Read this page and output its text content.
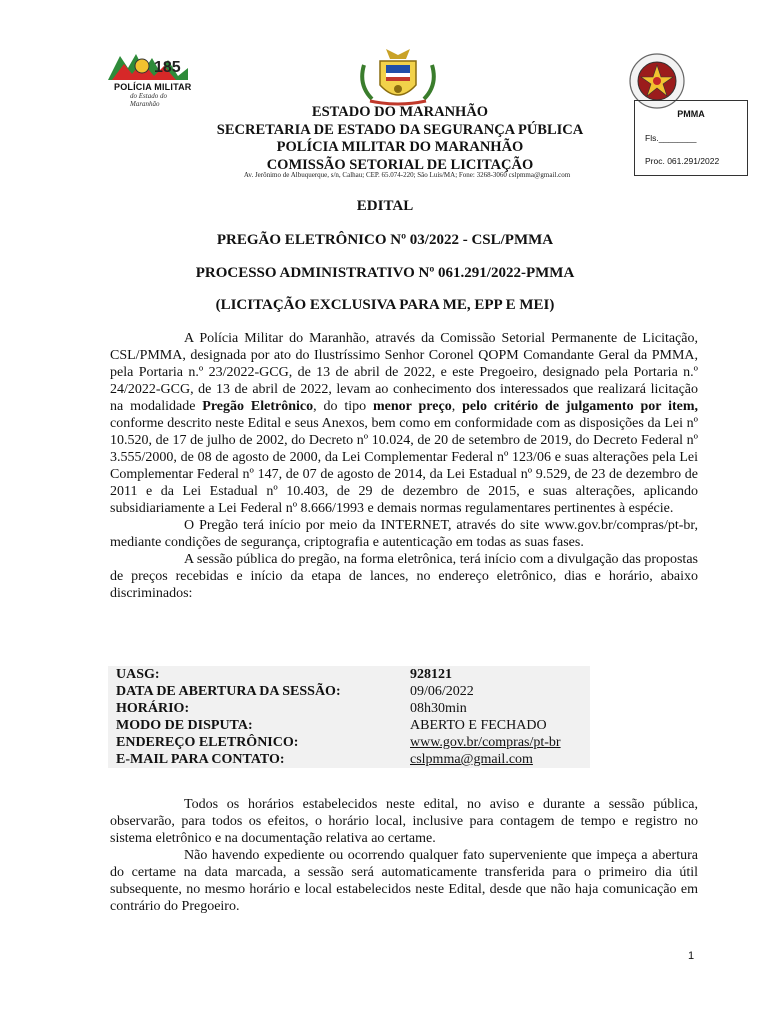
185
POLÍCIA MILITAR
do Estado do Maranhão	ESTADO DO MARANHÃO
SECRETARIA DE ESTADO DA SEGURANÇA PÚBLICA
POLÍCIA MILITAR DO MARANHÃO
COMISSÃO SETORIAL DE LICITAÇÃO
Av. Jerônimo de Albuquerque, s/n, Calhau; CEP. 65.074-220; São Luís/MA; Fone: 3268-3060 cslpmma@gmail.com
PMMA
Fls.________
Proc. 061.291/2022
EDITAL
PREGÃO ELETRÔNICO Nº 03/2022 - CSL/PMMA
PROCESSO ADMINISTRATIVO Nº 061.291/2022-PMMA
(LICITAÇÃO EXCLUSIVA PARA ME, EPP E MEI)

A Polícia Militar do Maranhão, através da Comissão Setorial Permanente de Licitação, CSL/PMMA, designada por ato do Ilustríssimo Senhor Coronel QOPM Comandante Geral da PMMA, pela Portaria n.º 23/2022-GCG, de 13 de abril de 2022, e este Pregoeiro, designado pela Portaria n.º 24/2022-GCG, de 13 de abril de 2022, levam ao conhecimento dos interessados que realizará licitação na modalidade Pregão Eletrônico, do tipo menor preço, pelo critério de julgamento por item, conforme descrito neste Edital e seus Anexos, bem como em conformidade com as disposições da Lei nº 10.520, de 17 de julho de 2002, do Decreto nº 10.024, de 20 de setembro de 2019, do Decreto Federal nº 3.555/2000, de 08 de agosto de 2000, da Lei Complementar Federal nº 123/06 e suas alterações pela Lei Complementar Federal nº 147, de 07 de agosto de 2014, da Lei Estadual nº 9.529, de 23 de dezembro de 2011 e da Lei Estadual nº 10.403, de 29 de dezembro de 2015, e suas alterações, aplicando subsidiariamente a Lei Federal nº 8.666/1993 e demais normas regulamentares pertinentes à espécie.

O Pregão terá início por meio da INTERNET, através do site www.gov.br/compras/pt-br, mediante condições de segurança, criptografia e autenticação em todas as suas fases.

A sessão pública do pregão, na forma eletrônica, terá início com a divulgação das propostas de preços recebidas e início da etapa de lances, no endereço eletrônico, dias e horário, abaixo discriminados:

UASG:	928121
DATA DE ABERTURA DA SESSÃO:	09/06/2022
HORÁRIO:	08h30min
MODO DE DISPUTA:	ABERTO E FECHADO
ENDEREÇO ELETRÔNICO:	www.gov.br/compras/pt-br
E-MAIL PARA CONTATO:	cslpmma@gmail.com

Todos os horários estabelecidos neste edital, no aviso e durante a sessão pública, observarão, para todos os efeitos, o horário local, inclusive para contagem de tempo e registro no sistema eletrônico e na documentação relativa ao certame.

Não havendo expediente ou ocorrendo qualquer fato superveniente que impeça a abertura do certame na data marcada, a sessão será automaticamente transferida para o primeiro dia útil subsequente, no mesmo horário e local estabelecidos neste Edital, desde que não haja comunicação em contrário do Pregoeiro.

1
